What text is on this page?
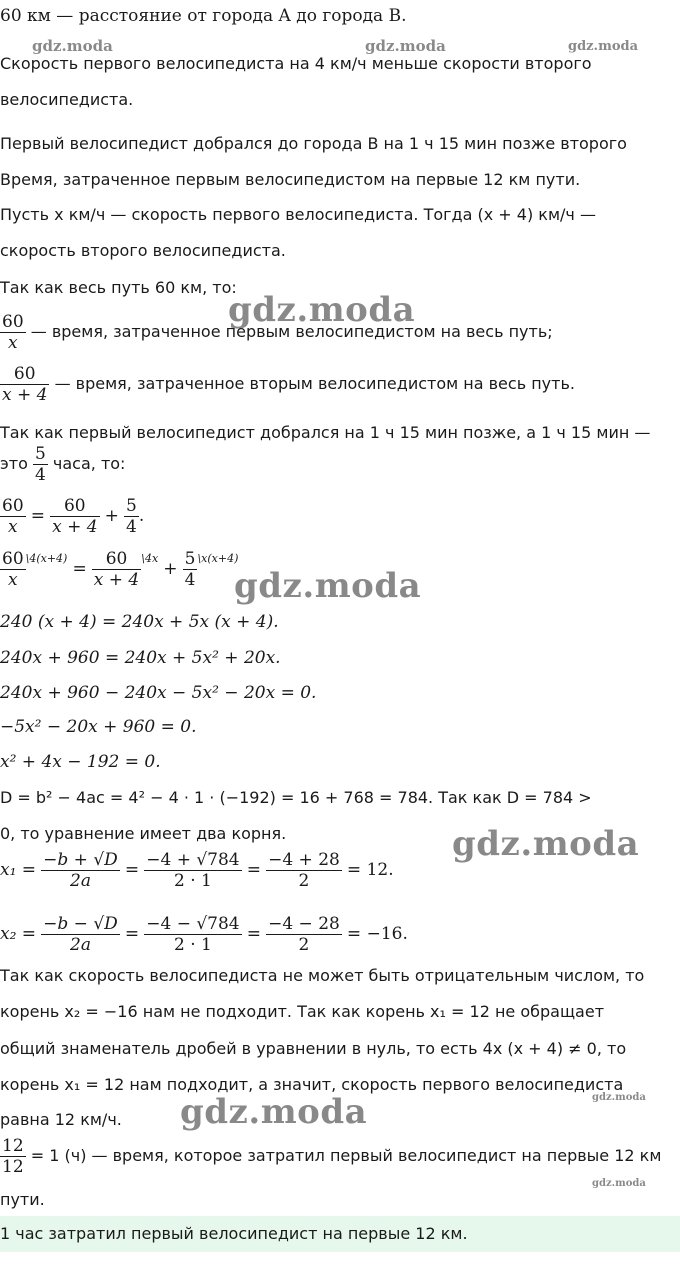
60 км — расстояние от города A до города B.
gdz.moda	gdz.moda	gdz.moda
Скорость первого велосипедиста на 4 км/ч меньше скорости второго
велосипедиста.
Первый велосипедист добрался до города B на 1 ч 15 мин позже второго
Время, затраченное первым велосипедистом на первые 12 км пути.
Пусть x км/ч — скорость первого велосипедиста. Тогда (x + 4) км/ч —
скорость второго велосипедиста.
Так как весь путь 60 км, то:
gdz.moda
$\frac{60}{x}$ — время, затраченное первым велосипедистом на весь путь;
$\frac{60}{x + 4}$ — время, затраченное вторым велосипедистом на весь путь.
Так как первый велосипедист добрался на 1 ч 15 мин позже, а 1 ч 15 мин —
это $\frac{5}{4}$ часа, то:
$\frac{60}{x} = \frac{60}{x + 4} + \frac{5}{4}$ .
$\frac{60}{x} ^{\backslash 4(x+4)} = \frac{60}{x + 4} ^{\backslash 4x} + \frac{5}{4} ^{\backslash x(x+4)}$
gdz.moda
240 (x + 4) = 240x + 5x (x + 4).
240x + 960 = 240x + 5x² + 20x.
240x + 960 − 240x − 5x² − 20x = 0.
−5x² − 20x + 960 = 0.
x² + 4x − 192 = 0.
D = b² − 4ac = 4² − 4 · 1 · (−192) = 16 + 768 = 784. Так как D = 784 >
0, то уравнение имеет два корня.	gdz.moda
$x_1 = \frac{-b + √D}{2a} = \frac{-4 + √784}{2 \cdot 1} = \frac{-4 + 28}{2} = 12$.
$x_2 = \frac{-b - √D}{2a} = \frac{-4 - √784}{2 \cdot 1} = \frac{-4 - 28}{2} = -16$.
Так как скорость велосипедиста не может быть отрицательным числом, то
корень x₂ = −16 нам не подходит. Так как корень x₁ = 12 не обращает
общий знаменатель дробей в уравнении в нуль, то есть 4x (x + 4) ≠ 0, то
корень x₁ = 12 нам подходит, а значит, скорость первого велосипедиста
gdz.moda
равна 12 км/ч. gdz.moda
$\frac{12}{12} = 1$ (ч) — время, которое затратил первый велосипедист на первые 12 км
gdz.moda
пути.
1 час затратил первый велосипедист на первые 12 км.
